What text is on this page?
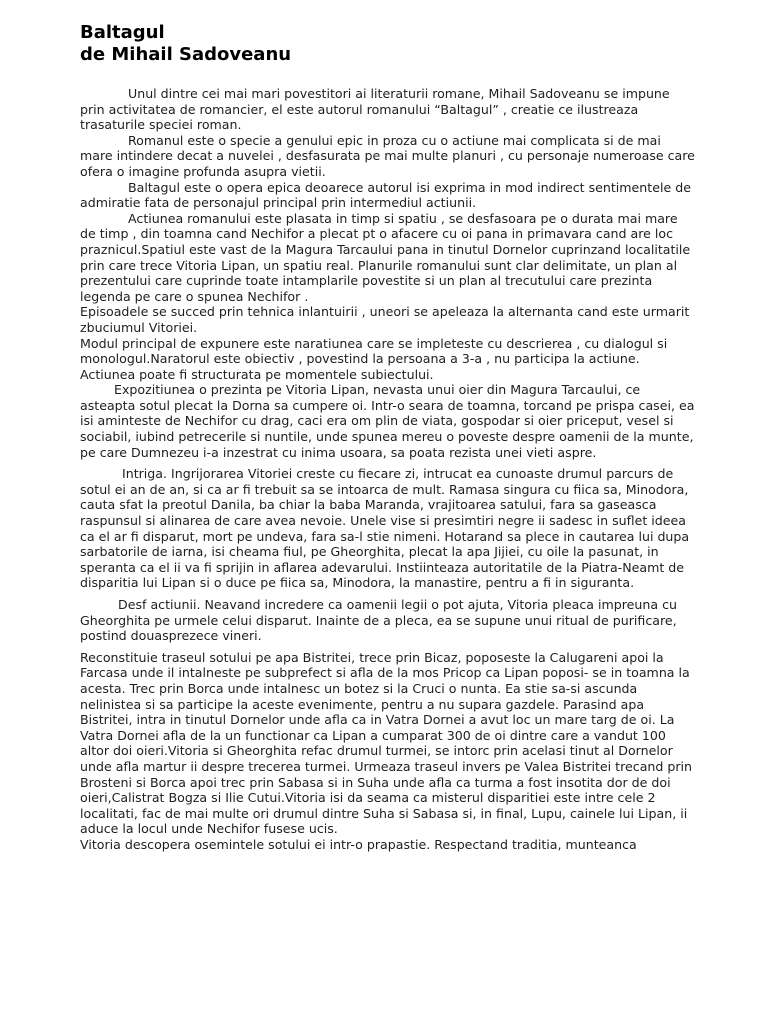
Baltagul
de Mihail Sadoveanu

Unul dintre cei mai mari povestitori ai literaturii romane, Mihail Sadoveanu se impune prin activitatea de romancier, el este autorul romanului “Baltagul” , creatie ce ilustreaza trasaturile speciei roman.

Romanul este o specie a genului epic in proza cu o actiune mai complicata si de mai mare intindere decat a nuvelei , desfasurata pe mai multe planuri , cu personaje numeroase care ofera o imagine profunda asupra vietii.

Baltagul este o opera epica deoarece autorul isi exprima in mod indirect sentimentele de admiratie fata de personajul principal prin intermediul actiunii.

Actiunea romanului este plasata in timp si spatiu , se desfasoara pe o durata mai mare de timp , din toamna cand Nechifor a plecat pt o afacere cu oi pana in primavara cand are loc praznicul.Spatiul este vast de la Magura Tarcaului pana in tinutul Dornelor cuprinzand localitatile prin care trece Vitoria Lipan, un spatiu real. Planurile romanului sunt clar delimitate, un plan al prezentului care cuprinde toate intamplarile povestite si un plan al trecutului care prezinta legenda pe care o spunea Nechifor .

Episoadele se succed prin tehnica inlantuirii , uneori se apeleaza la alternanta cand este urmarit zbuciumul Vitoriei.

Modul principal de expunere este naratiunea care se impleteste cu descrierea , cu dialogul si monologul.Naratorul este obiectiv , povestind la persoana a 3-a , nu participa la actiune.

Actiunea poate fi structurata pe momentele subiectului.

Expozitiunea o prezinta pe Vitoria Lipan, nevasta unui oier din Magura Tarcaului, ce asteapta sotul plecat la Dorna sa cumpere oi. Intr-o seara de toamna, torcand pe prispa casei, ea isi aminteste de Nechifor cu drag, caci era om plin de viata, gospodar si oier priceput, vesel si sociabil, iubind petrecerile si nuntile, unde spunea mereu o poveste despre oamenii de la munte, pe care Dumnezeu i-a inzestrat cu inima usoara, sa poata rezista unei vieti aspre.

Intriga. Ingrijorarea Vitoriei creste cu fiecare zi, intrucat ea cunoaste drumul parcurs de sotul ei an de an, si ca ar fi trebuit sa se intoarca de mult. Ramasa singura cu fiica sa, Minodora, cauta sfat la preotul Danila, ba chiar la baba Maranda, vrajitoarea satului, fara sa gaseasca raspunsul si alinarea de care avea nevoie. Unele vise si presimtiri negre ii sadesc in suflet ideea ca el ar fi disparut, mort pe undeva, fara sa-l stie nimeni. Hotarand sa plece in cautarea lui dupa sarbatorile de iarna, isi cheama fiul, pe Gheorghita, plecat la apa Jijiei, cu oile la pasunat, in speranta ca el ii va fi sprijin in aflarea adevarului. Instiinteaza autoritatile de la Piatra-Neamt de disparitia lui Lipan si o duce pe fiica sa, Minodora, la manastire, pentru a fi in siguranta.

Desf actiunii. Neavand incredere ca oamenii legii o pot ajuta, Vitoria pleaca impreuna cu Gheorghita pe urmele celui disparut. Inainte de a pleca, ea se supune unui ritual de purificare, postind douasprezece vineri.

Reconstituie traseul sotului pe apa Bistritei, trece prin Bicaz, poposeste la Calugareni apoi la Farcasa unde il intalneste pe subprefect si afla de la mos Pricop ca Lipan poposi- se in toamna la acesta. Trec prin Borca unde intalnesc un botez si la Cruci o nunta. Ea stie sa-si ascunda nelinistea si sa participe la aceste evenimente, pentru a nu supara gazdele. Parasind apa Bistritei, intra in tinutul Dornelor unde afla ca in Vatra Dornei a avut loc un mare targ de oi. La Vatra Dornei afla de la un functionar ca Lipan a cumparat 300 de oi dintre care a vandut 100 altor doi oieri.Vitoria si Gheorghita refac drumul turmei, se intorc prin acelasi tinut al Dornelor unde afla martur ii despre trecerea turmei. Urmeaza traseul invers pe Valea Bistritei trecand prin Brosteni si Borca apoi trec prin Sabasa si in Suha unde afla ca turma a fost insotita dor de doi oieri,Calistrat Bogza si Ilie Cutui.Vitoria isi da seama ca misterul disparitiei este intre cele 2 localitati, fac de mai multe ori drumul dintre Suha si Sabasa si, in final, Lupu, cainele lui Lipan, ii aduce la locul unde Nechifor fusese ucis.

Vitoria descopera osemintele sotului ei intr-o prapastie. Respectand traditia, munteanca
